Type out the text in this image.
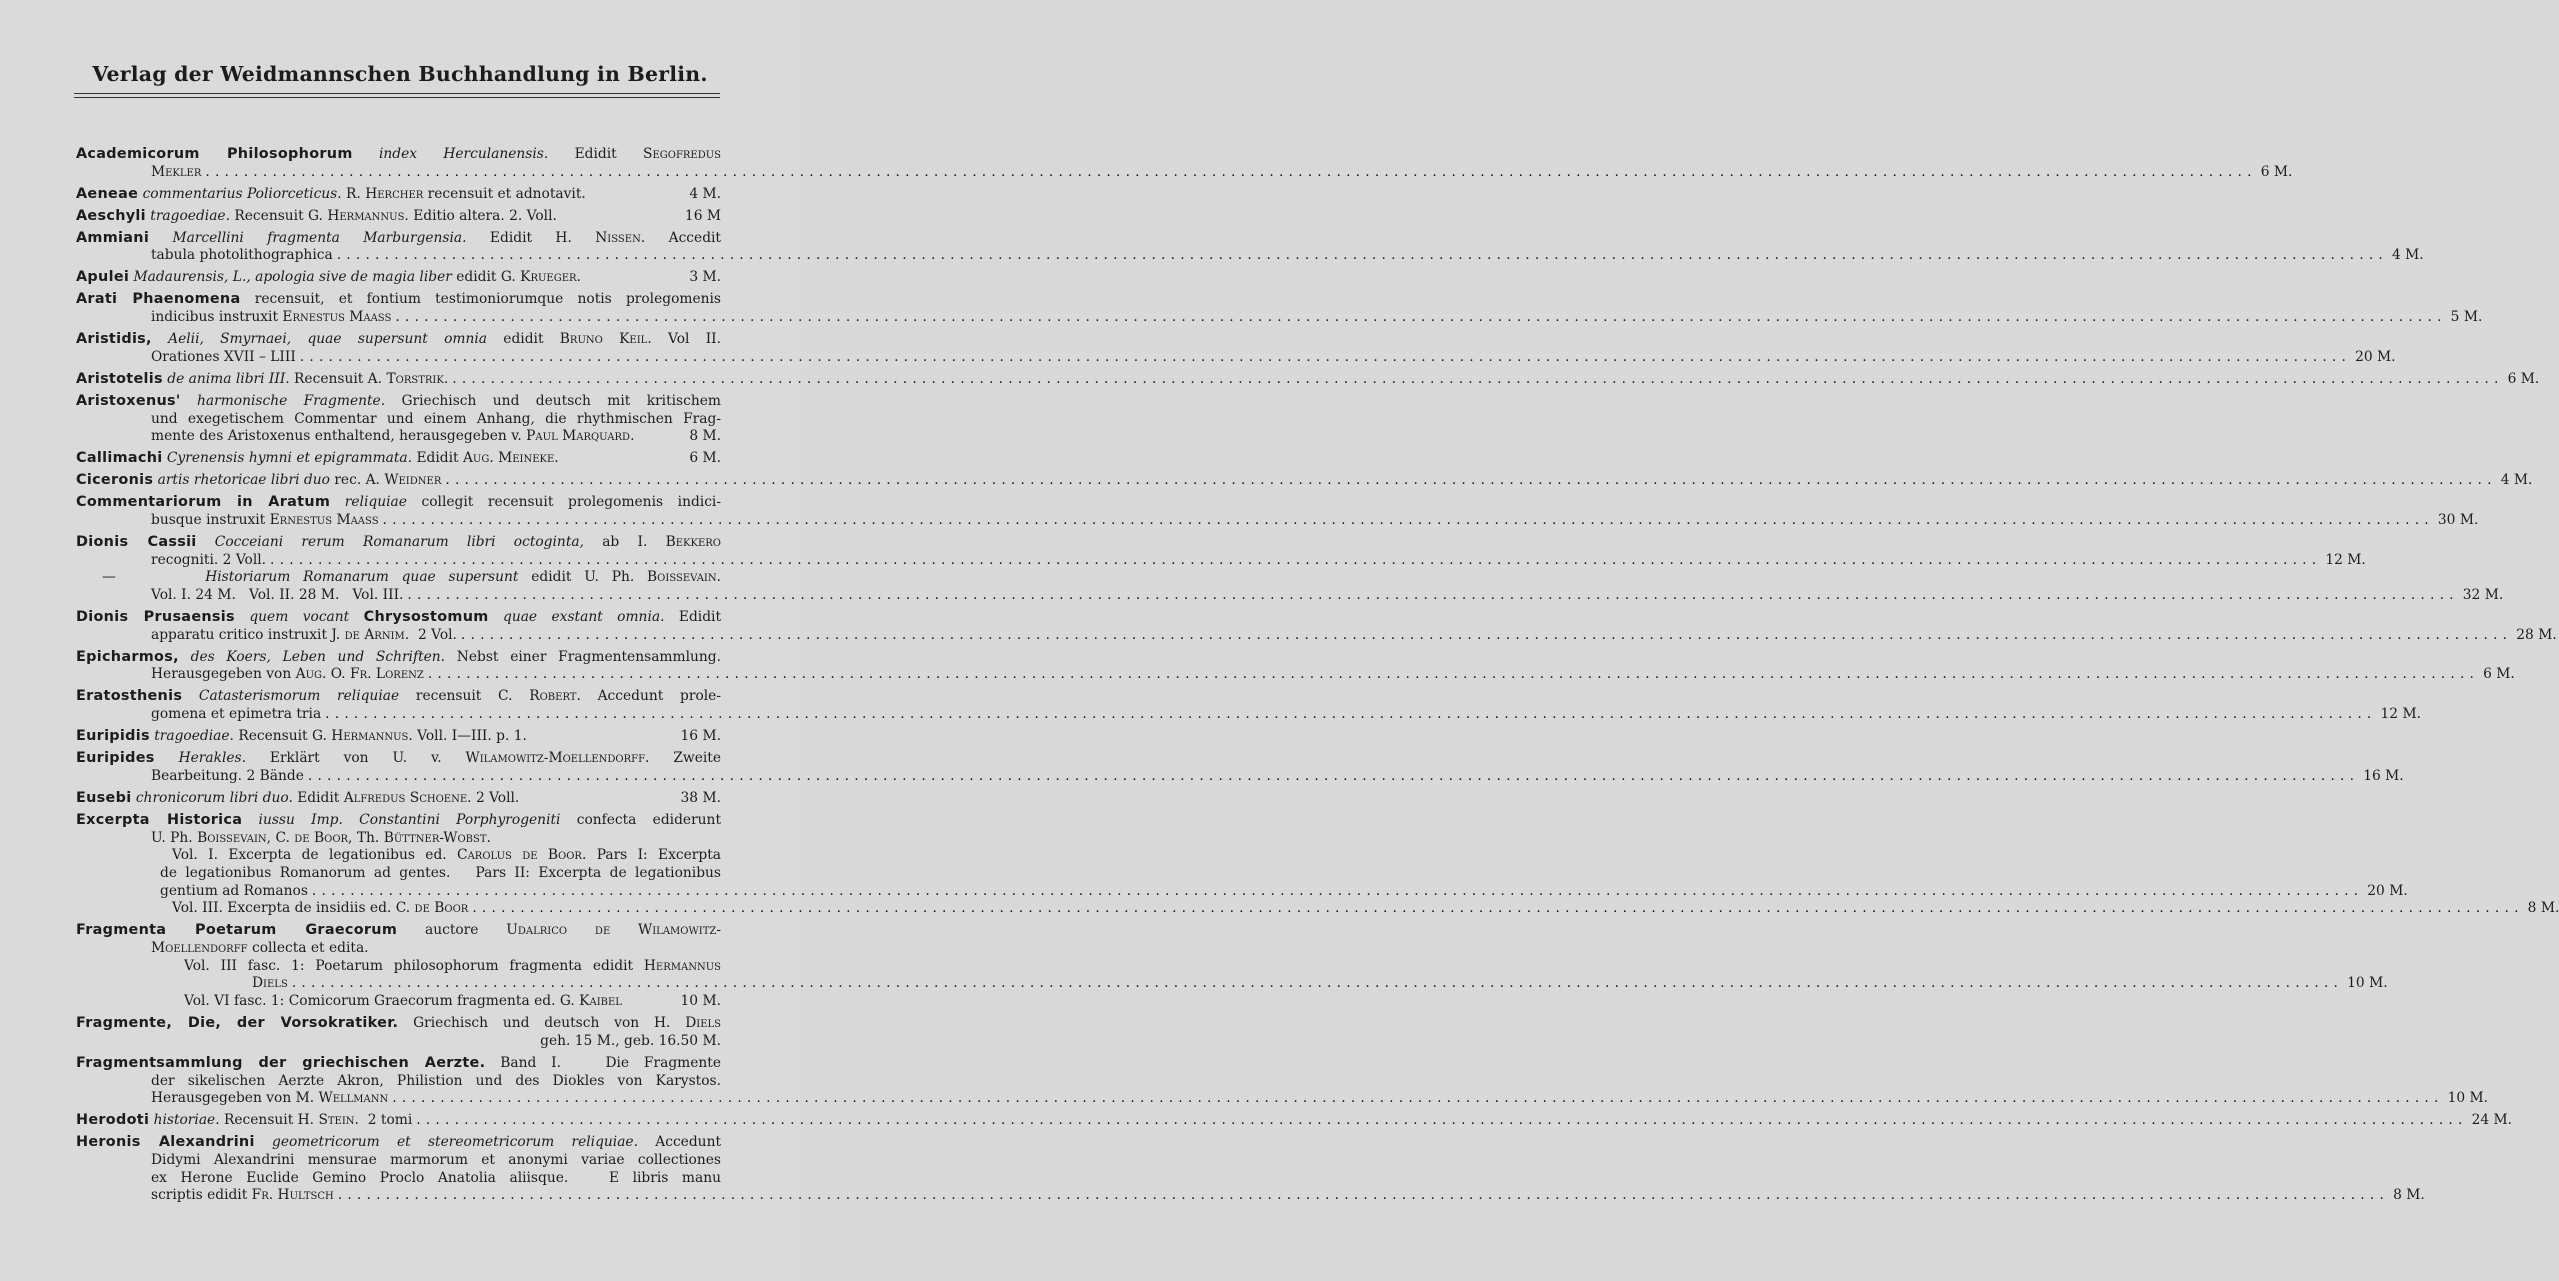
Verlag der Weidmannschen Buchhandlung in Berlin.
Academicorum Philosophorum index Herculanensis. Edidit Segofredus
Mekler .....	6 M.
Aeneae commentarius Poliorceticus. R. Hercher recensuit et adnotavit.	4 M.
Aeschyli tragoediae. Recensuit G. Hermannus. Editio altera. 2. Voll.	16 M
Ammiani Marcellini fragmenta Marburgensia. Edidit H. Nissen. Accedit
tabula photolithographica .....	4 M.
Apulei Madaurensis, L., apologia sive de magia liber edidit G. Krueger.	3 M.
Arati Phaenomena recensuit, et fontium testimoniorumque notis prolegomenis
indicibus instruxit Ernestus Maass .....	5 M.
Aristidis, Aelii, Smyrnaei, quae supersunt omnia edidit Bruno Keil. Vol II.
Orationes XVII – LIII .....	20 M.
Aristotelis de anima libri III. Recensuit A. Torstrik. .....	6 M.
Aristoxenus' harmonische Fragmente. Griechisch und deutsch mit kritischem
und exegetischem Commentar und einem Anhang, die rhythmischen Frag-
mente des Aristoxenus enthaltend, herausgegeben v. Paul Marquard.	8 M.
Callimachi Cyrenensis hymni et epigrammata. Edidit Aug. Meineke.	6 M.
Ciceronis artis rhetoricae libri duo rec. A. Weidner .....	4 M.
Commentariorum in Aratum reliquiae collegit recensuit prolegomenis indici-
busque instruxit Ernestus Maass .....	30 M.
Dionis Cassii Cocceiani rerum Romanarum libri octoginta, ab I. Bekkero
recogniti. 2 Voll. .....	12 M.
—	Historiarum Romanarum quae supersunt edidit U. Ph. Boissevain.
Vol. I. 24 M.   Vol. II. 28 M.   Vol. III. .....	32 M.
Dionis Prusaensis quem vocant Chrysostomum quae exstant omnia. Edidit
apparatu critico instruxit J. de Arnim. 2 Vol. .....	28 M.
Epicharmos, des Koers, Leben und Schriften. Nebst einer Fragmentensammlung.
Herausgegeben von Aug. O. Fr. Lorenz .....	6 M.
Eratosthenis Catasterismorum reliquiae recensuit C. Robert. Accedunt prole-
gomena et epimetra tria .....	12 M.
Euripidis tragoediae. Recensuit G. Hermannus. Voll. I—III. p. 1.	16 M.
Euripides Herakles. Erklärt von U. v. Wilamowitz-Moellendorff. Zweite
Bearbeitung. 2 Bände .....	16 M.
Eusebi chronicorum libri duo. Edidit Alfredus Schoene. 2 Voll.	38 M.
Excerpta Historica iussu Imp. Constantini Porphyrogeniti confecta ediderunt
U. Ph. Boissevain, C. de Boor, Th. Büttner-Wobst.
Vol. I. Excerpta de legationibus ed. Carolus de Boor. Pars I: Excerpta
de legationibus Romanorum ad gentes.   Pars II: Excerpta de legationibus
gentium ad Romanos .....	20 M.
Vol. III. Excerpta de insidiis ed. C. de Boor .....	8 M.
Fragmenta Poetarum Graecorum auctore Udalrico de Wilamowitz-
Moellendorff collecta et edita.
Vol. III fasc. 1: Poetarum philosophorum fragmenta edidit Hermannus
Diels .....	10 M.
Vol. VI fasc. 1: Comicorum Graecorum fragmenta ed. G. Kaibel	10 M.
Fragmente, Die, der Vorsokratiker. Griechisch und deutsch von H. Diels
geh. 15 M., geb. 16.50 M.
Fragmentsammlung der griechischen Aerzte. Band I.   Die Fragmente
der sikelischen Aerzte Akron, Philistion und des Diokles von Karystos.
Herausgegeben von M. Wellmann .....	10 M.
Herodoti historiae. Recensuit H. Stein. 2 tomi .....	24 M.
Heronis Alexandrini geometricorum et stereometricorum reliquiae. Accedunt
Didymi Alexandrini mensurae marmorum et anonymi variae collectiones
ex Herone Euclide Gemino Proclo Anatolia aliisque.   E libris manu
scriptis edidit Fr. Hultsch .....	8 M.
